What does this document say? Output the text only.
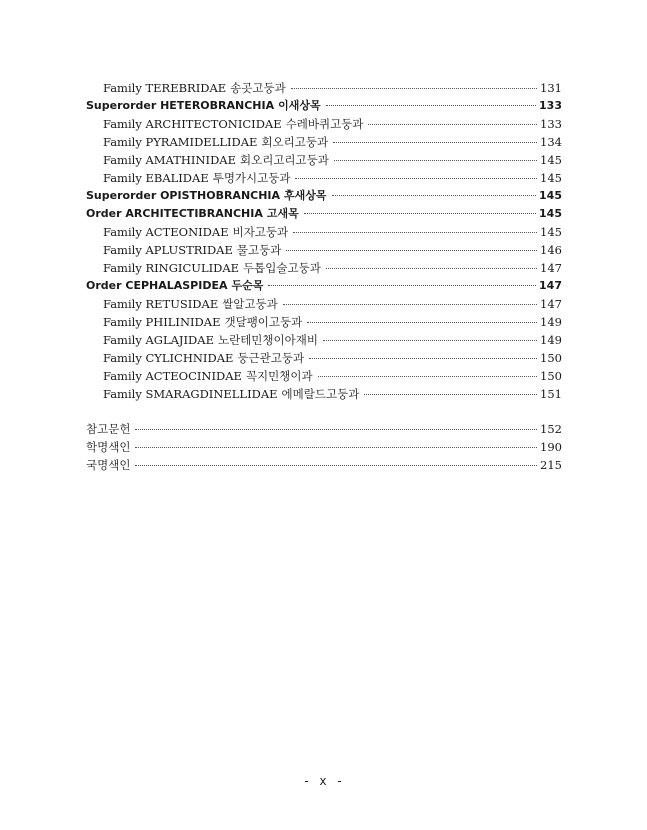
Family TEREBRIDAE 송곳고둥과	131
Superorder HETEROBRANCHIA 이새상목	133
Family ARCHITECTONICIDAE 수레바퀴고둥과	133
Family PYRAMIDELLIDAE 회오리고둥과	134
Family AMATHINIDAE 회오리고리고둥과	145
Family EBALIDAE 투명가시고둥과	145
Superorder OPISTHOBRANCHIA 후새상목	145
Order ARCHITECTIBRANCHIA 고새목	145
Family ACTEONIDAE 비자고둥과	145
Family APLUSTRIDAE 물고둥과	146
Family RINGICULIDAE 두톱입술고둥과	147
Order CEPHALASPIDEA 두순목	147
Family RETUSIDAE 쌀알고둥과	147
Family PHILINIDAE 갯달팽이고둥과	149
Family AGLAJIDAE 노란테민챙이아재비	149
Family CYLICHNIDAE 둥근관고둥과	150
Family ACTEOCINIDAE 꼭지민챙이과	150
Family SMARAGDINELLIDAE 에메랄드고둥과	151
참고문헌	152
학명색인	190
국명색인	215
- x -
